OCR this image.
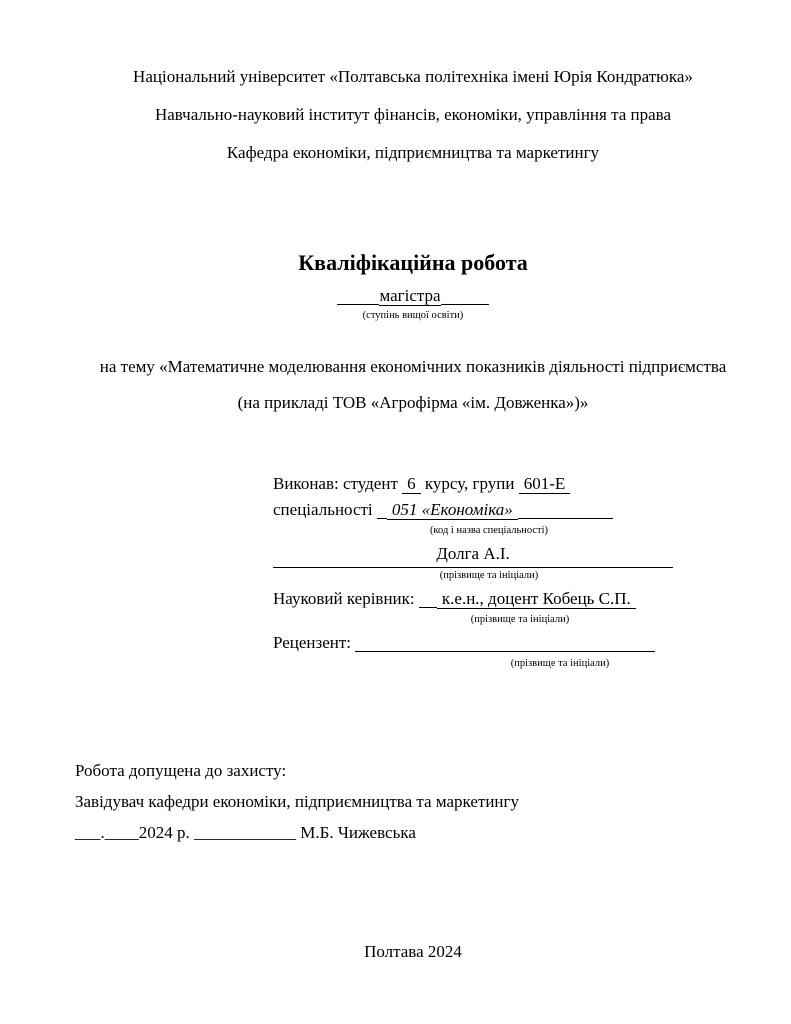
Національний університет «Полтавська політехніка імені Юрія Кондратюка»

Навчально-науковий інститут фінансів, економіки, управління та права

Кафедра економіки, підприємництва та маркетингу

Кваліфікаційна робота
магістра
(ступінь вищої освіти)

на тему «Математичне моделювання економічних показників діяльності підприємства

(на прикладі ТОВ «Агрофірма «ім. Довженка»)»

Виконав: студент 6 курсу, групи 601-Е
спеціальності 051 «Економіка»
(код і назва спеціальності)
Долга А.І.
(прізвище та ініціали)
Науковий керівник: к.е.н., доцент Кобець С.П.
(прізвище та ініціали)
Рецензент:
(прізвище та ініціали)

Робота допущена до захисту:

Завідувач кафедри економіки, підприємництва та маркетингу

___.____2024 р. ____________ М.Б. Чижевська

Полтава 2024
